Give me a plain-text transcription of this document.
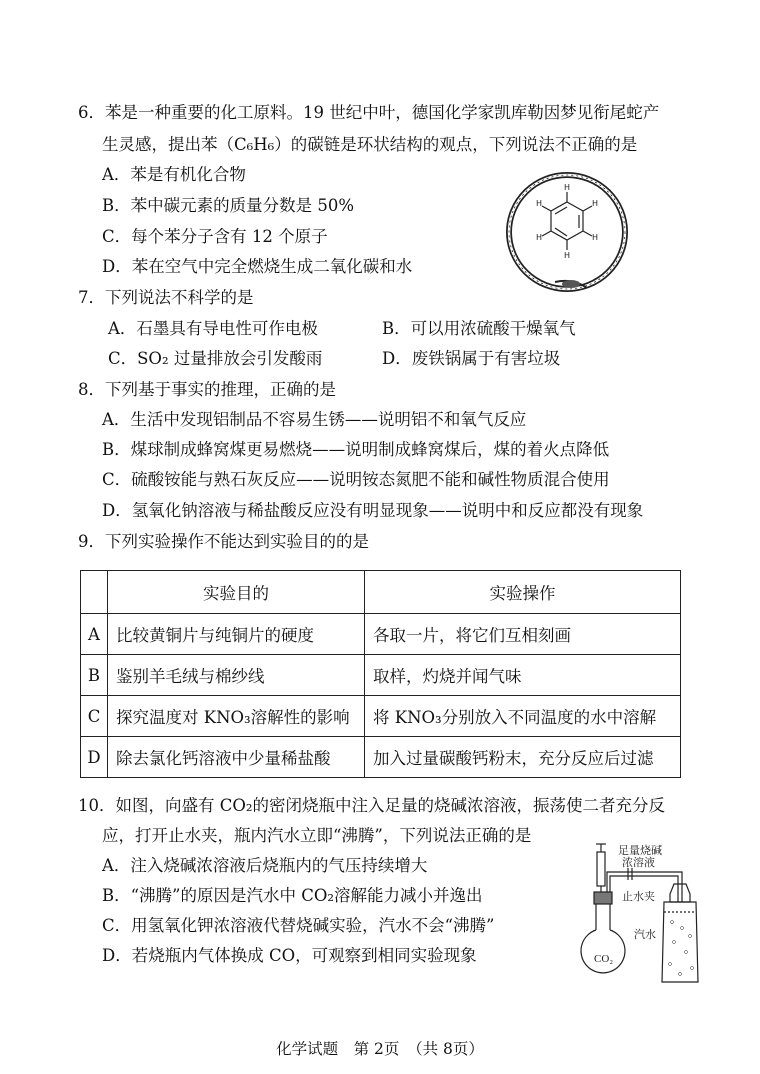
6．苯是一种重要的化工原料。19 世纪中叶，德国化学家凯库勒因梦见衔尾蛇产
生灵感，提出苯（C₆H₆）的碳链是环状结构的观点，下列说法不正确的是
A．苯是有机化合物
B．苯中碳元素的质量分数是 50%
C．每个苯分子含有 12 个原子
D．苯在空气中完全燃烧生成二氧化碳和水
H
H
H
H
H
H
7．下列说法不科学的是
A．石墨具有导电性可作电极	B．可以用浓硫酸干燥氧气
C．SO₂ 过量排放会引发酸雨	D．废铁锅属于有害垃圾
8．下列基于事实的推理，正确的是
A．生活中发现铝制品不容易生锈——说明铝不和氧气反应
B．煤球制成蜂窝煤更易燃烧——说明制成蜂窝煤后，煤的着火点降低
C．硫酸铵能与熟石灰反应——说明铵态氮肥不能和碱性物质混合使用
D．氢氧化钠溶液与稀盐酸反应没有明显现象——说明中和反应都没有现象
9．下列实验操作不能达到实验目的的是
	实验目的	实验操作
A	比较黄铜片与纯铜片的硬度	各取一片，将它们互相刻画
B	鉴别羊毛绒与棉纱线	取样，灼烧并闻气味
C	探究温度对 KNO₃溶解性的影响	将 KNO₃分别放入不同温度的水中溶解
D	除去氯化钙溶液中少量稀盐酸	加入过量碳酸钙粉末，充分反应后过滤
10．如图，向盛有 CO₂的密闭烧瓶中注入足量的烧碱浓溶液，振荡使二者充分反
应，打开止水夹，瓶内汽水立即“沸腾”，下列说法正确的是
A．注入烧碱浓溶液后烧瓶内的气压持续增大
B．“沸腾”的原因是汽水中 CO₂溶解能力减小并逸出
C．用氢氧化钾浓溶液代替烧碱实验，汽水不会“沸腾”
D．若烧瓶内气体换成 CO，可观察到相同实验现象
足量烧碱
浓溶液
止水夹
汽水
CO₂
化学试题　第 2页　（共 8页）
